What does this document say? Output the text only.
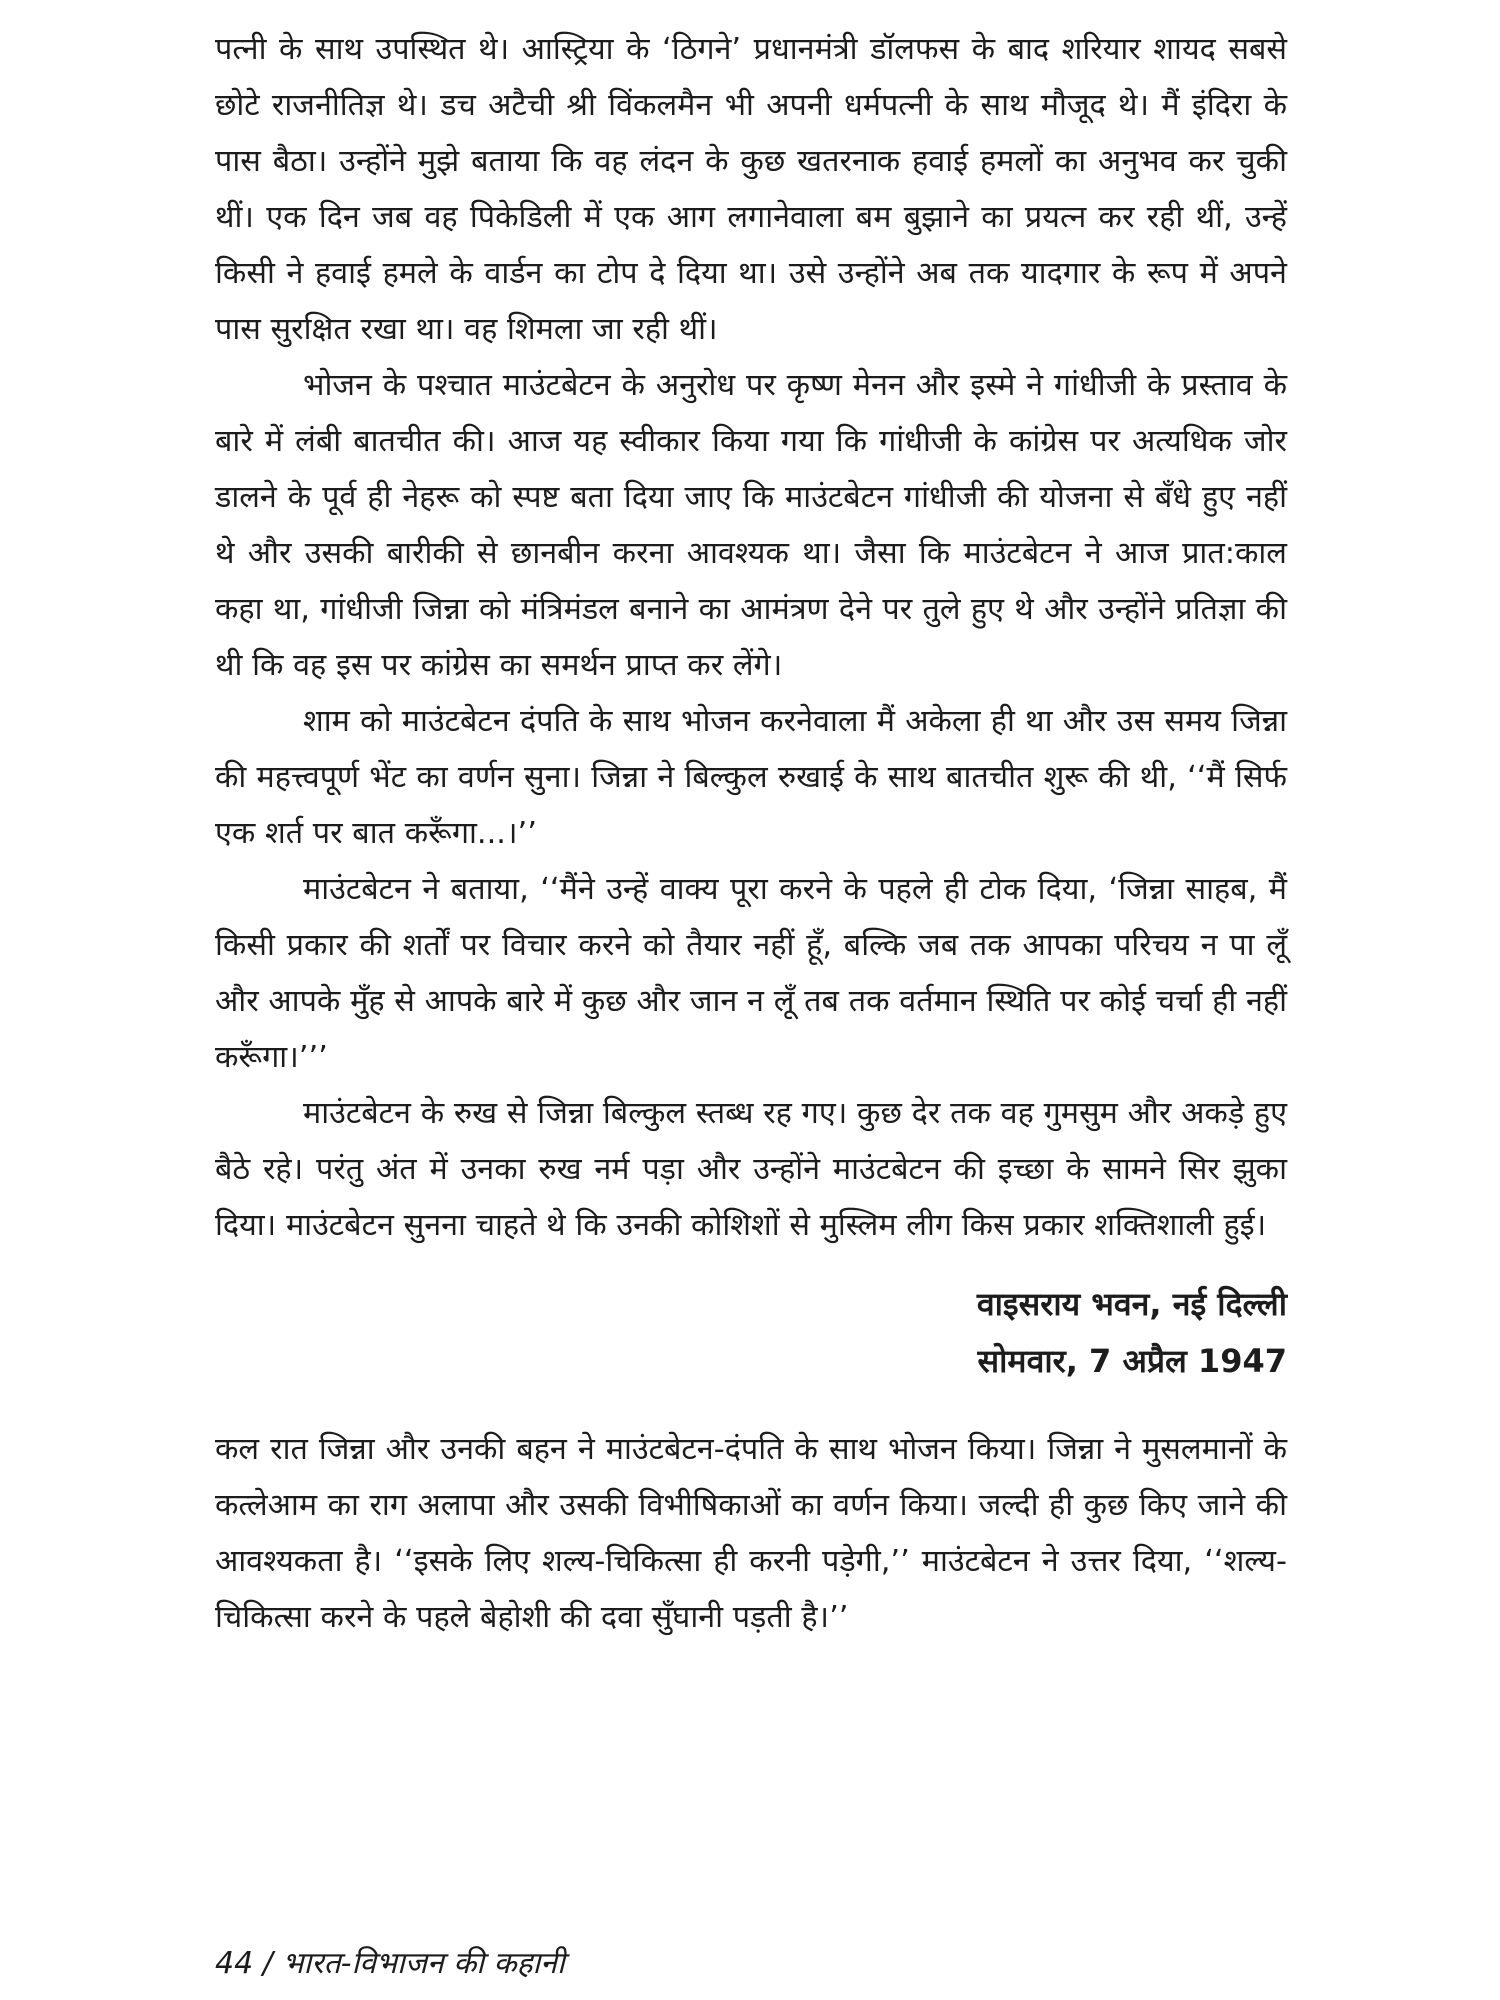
पत्नी के साथ उपस्थित थे। आस्ट्रिया के ‘ठिगने’ प्रधानमंत्री डॉलफस के बाद शरियार शायद सबसे छोटे राजनीतिज्ञ थे। डच अटैची श्री विंकलमैन भी अपनी धर्मपत्नी के साथ मौजूद थे। मैं इंदिरा के पास बैठा। उन्होंने मुझे बताया कि वह लंदन के कुछ खतरनाक हवाई हमलों का अनुभव कर चुकी थीं। एक दिन जब वह पिकेडिली में एक आग लगानेवाला बम बुझाने का प्रयत्न कर रही थीं, उन्हें किसी ने हवाई हमले के वार्डन का टोप दे दिया था। उसे उन्होंने अब तक यादगार के रूप में अपने पास सुरक्षित रखा था। वह शिमला जा रही थीं।

भोजन के पश्चात माउंटबेटन के अनुरोध पर कृष्ण मेनन और इस्मे ने गांधीजी के प्रस्ताव के बारे में लंबी बातचीत की। आज यह स्वीकार किया गया कि गांधीजी के कांग्रेस पर अत्यधिक जोर डालने के पूर्व ही नेहरू को स्पष्ट बता दिया जाए कि माउंटबेटन गांधीजी की योजना से बँधे हुए नहीं थे और उसकी बारीकी से छानबीन करना आवश्यक था। जैसा कि माउंटबेटन ने आज प्रात:काल कहा था, गांधीजी जिन्ना को मंत्रिमंडल बनाने का आमंत्रण देने पर तुले हुए थे और उन्होंने प्रतिज्ञा की थी कि वह इस पर कांग्रेस का समर्थन प्राप्त कर लेंगे।

शाम को माउंटबेटन दंपति के साथ भोजन करनेवाला मैं अकेला ही था और उस समय जिन्ना की महत्त्वपूर्ण भेंट का वर्णन सुना। जिन्ना ने बिल्कुल रुखाई के साथ बातचीत शुरू की थी, ‘‘मैं सिर्फ एक शर्त पर बात करूँगा...।’’

माउंटबेटन ने बताया, ‘‘मैंने उन्हें वाक्य पूरा करने के पहले ही टोक दिया, ‘जिन्ना साहब, मैं किसी प्रकार की शर्तों पर विचार करने को तैयार नहीं हूँ, बल्कि जब तक आपका परिचय न पा लूँ और आपके मुँह से आपके बारे में कुछ और जान न लूँ तब तक वर्तमान स्थिति पर कोई चर्चा ही नहीं करूँगा।’’’

माउंटबेटन के रुख से जिन्ना बिल्कुल स्तब्ध रह गए। कुछ देर तक वह गुमसुम और अकड़े हुए बैठे रहे। परंतु अंत में उनका रुख नर्म पड़ा और उन्होंने माउंटबेटन की इच्छा के सामने सिर झुका दिया। माउंटबेटन सुनना चाहते थे कि उनकी कोशिशों से मुस्लिम लीग किस प्रकार शक्तिशाली हुई।

वाइसराय भवन, नई दिल्ली
सोमवार, 7 अप्रैल 1947

कल रात जिन्ना और उनकी बहन ने माउंटबेटन-दंपति के साथ भोजन किया। जिन्ना ने मुसलमानों के कत्लेआम का राग अलापा और उसकी विभीषिकाओं का वर्णन किया। जल्दी ही कुछ किए जाने की आवश्यकता है। ‘‘इसके लिए शल्य-चिकित्सा ही करनी पड़ेगी,’’ माउंटबेटन ने उत्तर दिया, ‘‘शल्य-चिकित्सा करने के पहले बेहोशी की दवा सुँघानी पड़ती है।’’

44 / भारत-विभाजन की कहानी
